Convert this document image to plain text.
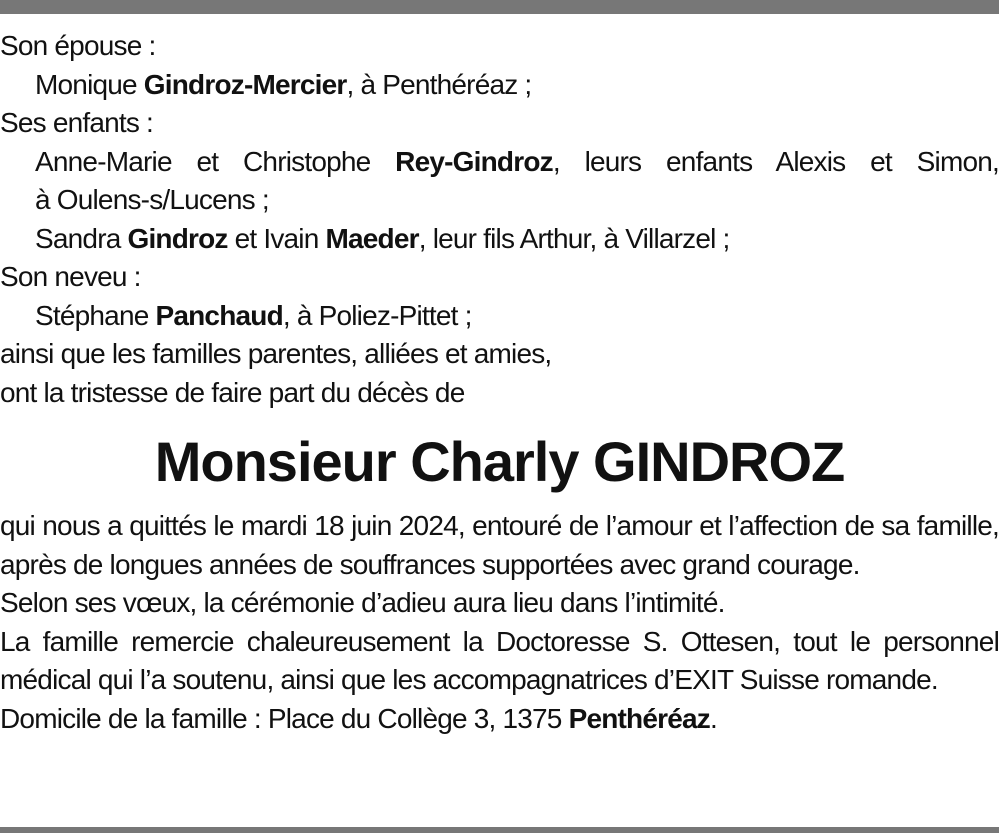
Son épouse :
Monique Gindroz-Mercier, à Penthéréaz ;
Ses enfants :
Anne-Marie et Christophe Rey-Gindroz, leurs enfants Alexis et Simon,
à Oulens-s/Lucens ;
Sandra Gindroz et Ivain Maeder, leur fils Arthur, à Villarzel ;
Son neveu :
Stéphane Panchaud, à Poliez-Pittet ;
ainsi que les familles parentes, alliées et amies,
ont la tristesse de faire part du décès de
Monsieur Charly GINDROZ
qui nous a quittés le mardi 18 juin 2024, entouré de l’amour et l’affection de sa famille, après de longues années de souffrances supportées avec grand courage.
Selon ses vœux, la cérémonie d’adieu aura lieu dans l’intimité.
La famille remercie chaleureusement la Doctoresse S. Ottesen, tout le personnel médical qui l’a soutenu, ainsi que les accompagnatrices d’EXIT Suisse romande.
Domicile de la famille : Place du Collège 3, 1375 Penthéréaz.
